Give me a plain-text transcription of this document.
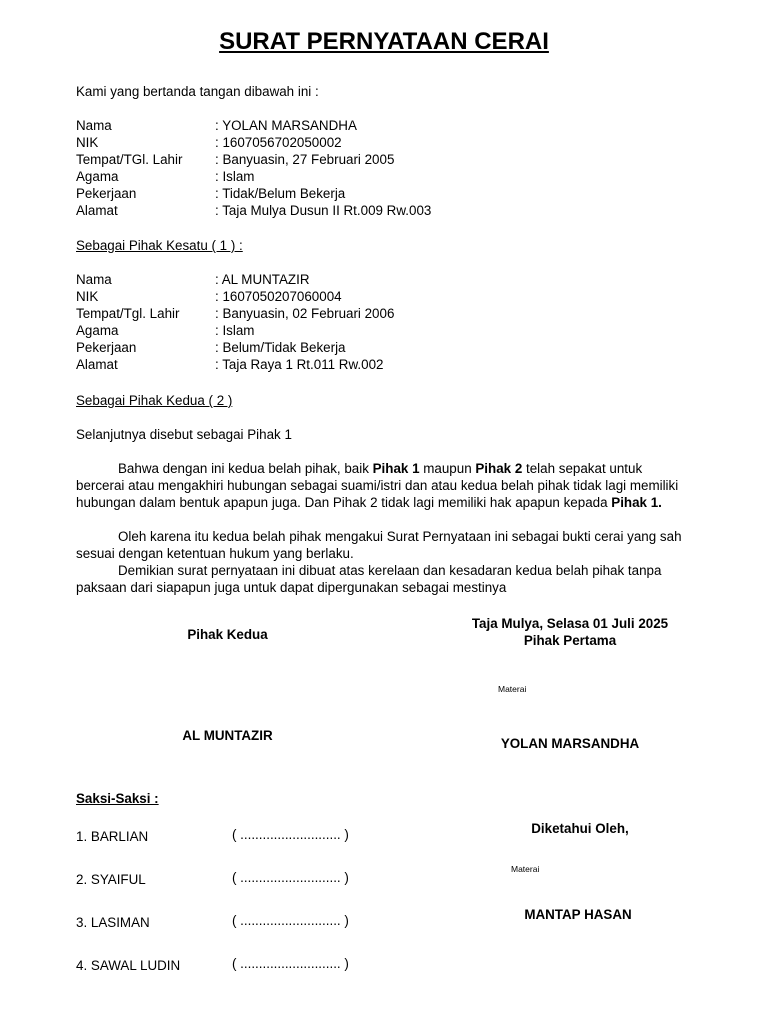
SURAT PERNYATAAN CERAI
Kami yang bertanda tangan dibawah ini :
Nama	: YOLAN MARSANDHA
NIK	: 1607056702050002
Tempat/TGl. Lahir : Banyuasin, 27 Februari 2005
Agama	: Islam
Pekerjaan	: Tidak/Belum Bekerja
Alamat	: Taja Mulya Dusun II Rt.009 Rw.003
Sebagai Pihak Kesatu ( 1 ) :
Nama	: AL MUNTAZIR
NIK	: 1607050207060004
Tempat/Tgl. Lahir	: Banyuasin, 02 Februari 2006
Agama	: Islam
Pekerjaan	: Belum/Tidak Bekerja
Alamat	: Taja Raya 1 Rt.011 Rw.002
Sebagai Pihak Kedua ( 2 )
Selanjutnya disebut sebagai Pihak 1
Bahwa dengan ini kedua belah pihak, baik Pihak 1 maupun Pihak 2 telah sepakat untuk bercerai atau mengakhiri hubungan sebagai suami/istri dan atau kedua belah pihak tidak lagi memiliki hubungan dalam bentuk apapun juga. Dan Pihak 2 tidak lagi memiliki hak apapun kepada Pihak 1.
Oleh karena itu kedua belah pihak mengakui Surat Pernyataan ini sebagai bukti cerai yang sah sesuai dengan ketentuan hukum yang berlaku.
Demikian surat pernyataan ini dibuat atas kerelaan dan kesadaran kedua belah pihak tanpa paksaan dari siapapun juga untuk dapat dipergunakan sebagai mestinya
Taja Mulya, Selasa 01 Juli 2025
Pihak Pertama
Pihak Kedua
Materai
AL MUNTAZIR
YOLAN MARSANDHA
Saksi-Saksi :
1. BARLIAN	( ........................... )
2. SYAIFUL	( ........................... )
3. LASIMAN	( ........................... )
4. SAWAL LUDIN	( ........................... )
Diketahui Oleh,
Materai
MANTAP HASAN
